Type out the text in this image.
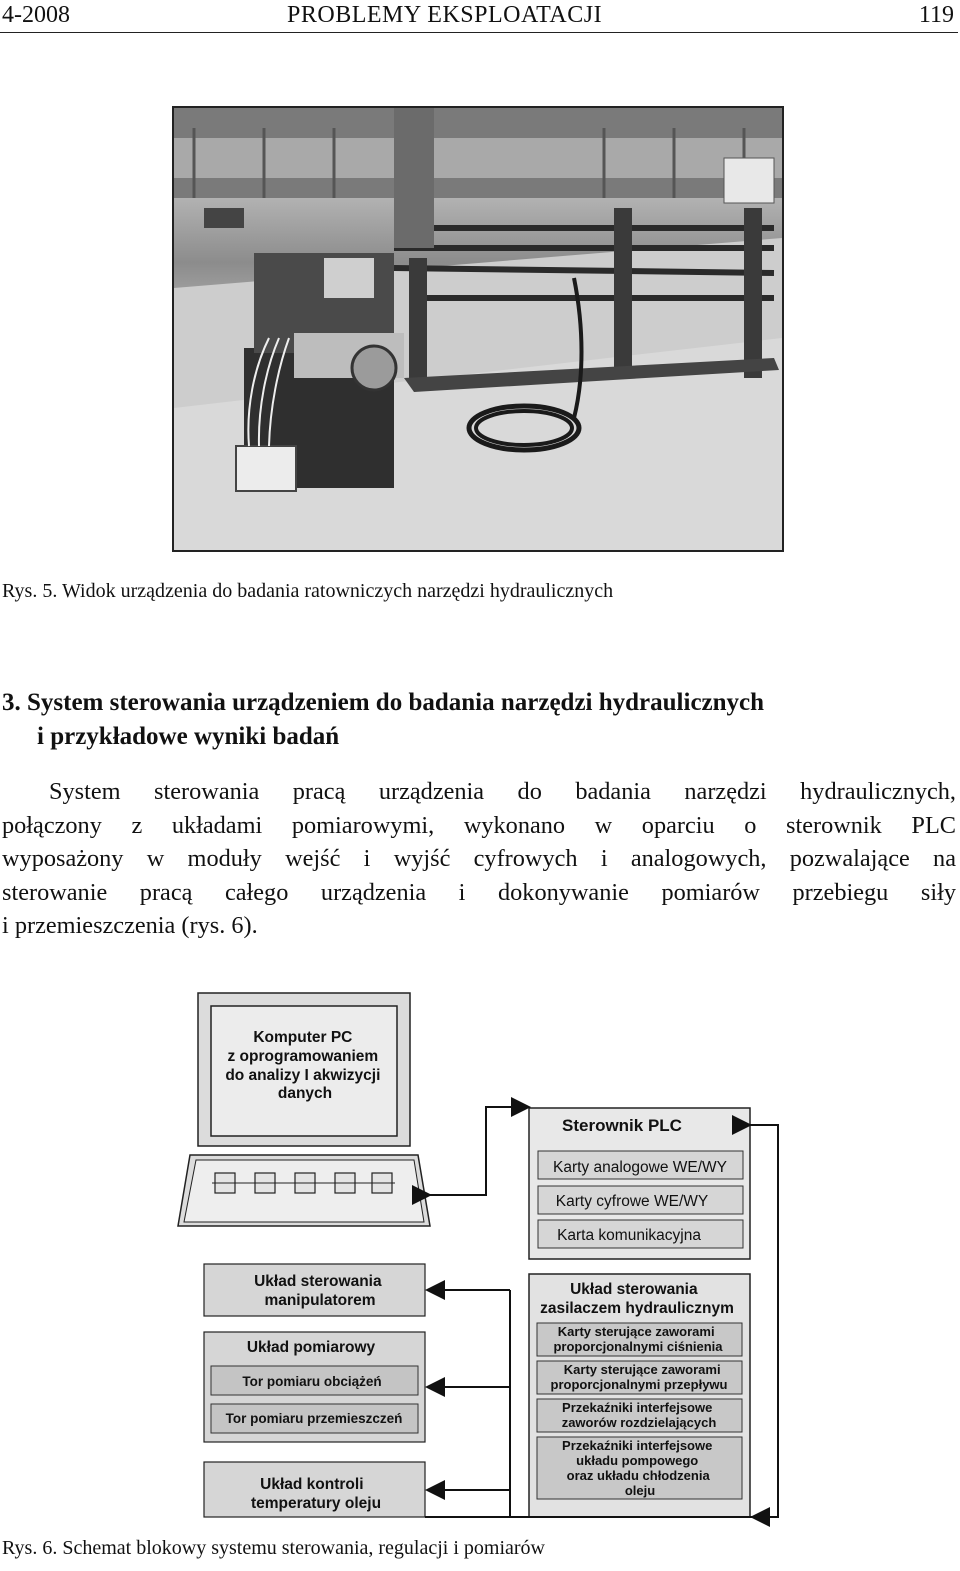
4-2008	PROBLEMY EKSPLOATACJI	119
Rys. 5. Widok urządzenia do badania ratowniczych narzędzi hydraulicznych
3. System sterowania urządzeniem do badania narzędzi hydraulicznych
i przykładowe wyniki badań
System sterowania pracą urządzenia do badania narzędzi hydraulicznych,
połączony z układami pomiarowymi, wykonano w oparciu o sterownik PLC
wyposażony w moduły wejść i wyjść cyfrowych i analogowych, pozwalające na
sterowanie pracą całego urządzenia i dokonywanie pomiarów przebiegu siły
i przemieszczenia (rys. 6).
Komputer PC z oprogramowaniem do analizy I akwizycji danych
Sterownik PLC
Karty analogowe WE/WY
Karty cyfrowe WE/WY
Karta komunikacyjna
Układ sterowania manipulatorem
Układ pomiarowy
Tor pomiaru obciążeń
Tor pomiaru przemieszczeń
Układ kontroli temperatury oleju
Układ sterowania zasilaczem hydraulicznym
Karty sterujące zaworami proporcjonalnymi ciśnienia
Karty sterujące zaworami proporcjonalnymi przepływu
Przekaźniki interfejsowe zaworów rozdzielających
Przekaźniki interfejsowe układu pompowego oraz układu chłodzenia oleju
Rys. 6. Schemat blokowy systemu sterowania, regulacji i pomiarów
